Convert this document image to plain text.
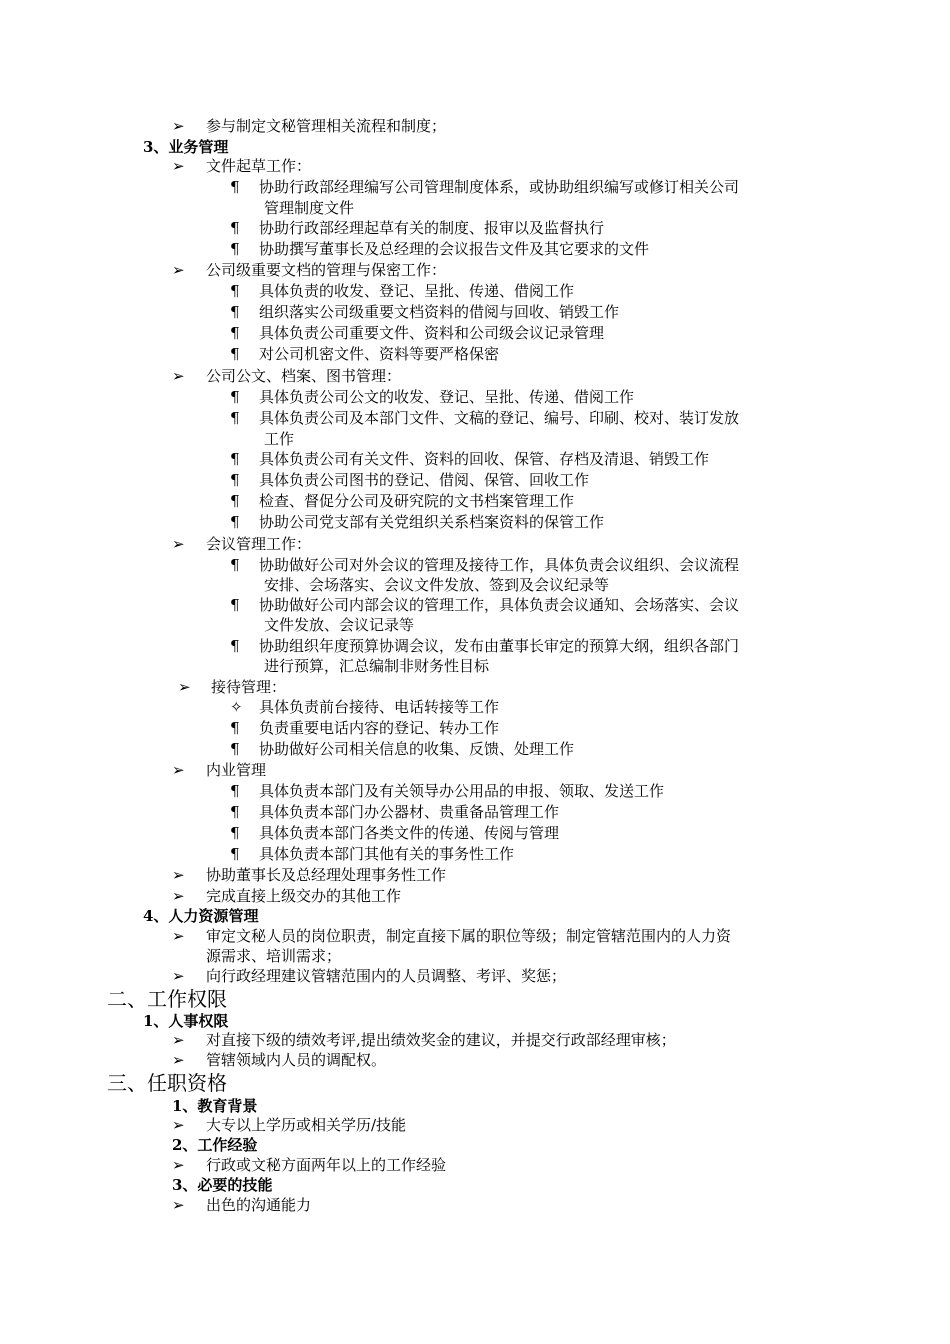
➢ 参与制定文秘管理相关流程和制度；
3、业务管理
➢ 文件起草工作：
¶ 协助行政部经理编写公司管理制度体系，或协助组织编写或修订相关公司
管理制度文件
¶ 协助行政部经理起草有关的制度、报审以及监督执行
¶ 协助撰写董事长及总经理的会议报告文件及其它要求的文件
➢ 公司级重要文档的管理与保密工作：
¶ 具体负责的收发、登记、呈批、传递、借阅工作
¶ 组织落实公司级重要文档资料的借阅与回收、销毁工作
¶ 具体负责公司重要文件、资料和公司级会议记录管理
¶ 对公司机密文件、资料等要严格保密
➢ 公司公文、档案、图书管理：
¶ 具体负责公司公文的收发、登记、呈批、传递、借阅工作
¶ 具体负责公司及本部门文件、文稿的登记、编号、印刷、校对、装订发放
工作
¶ 具体负责公司有关文件、资料的回收、保管、存档及清退、销毁工作
¶ 具体负责公司图书的登记、借阅、保管、回收工作
¶ 检查、督促分公司及研究院的文书档案管理工作
¶ 协助公司党支部有关党组织关系档案资料的保管工作
➢ 会议管理工作：
¶ 协助做好公司对外会议的管理及接待工作，具体负责会议组织、会议流程
安排、会场落实、会议文件发放、签到及会议纪录等
¶ 协助做好公司内部会议的管理工作，具体负责会议通知、会场落实、会议
文件发放、会议记录等
¶ 协助组织年度预算协调会议，发布由董事长审定的预算大纲，组织各部门
进行预算，汇总编制非财务性目标
➢ 接待管理：
✧ 具体负责前台接待、电话转接等工作
¶ 负责重要电话内容的登记、转办工作
¶ 协助做好公司相关信息的收集、反馈、处理工作
➢ 内业管理
¶ 具体负责本部门及有关领导办公用品的申报、领取、发送工作
¶ 具体负责本部门办公器材、贵重备品管理工作
¶ 具体负责本部门各类文件的传递、传阅与管理
¶ 具体负责本部门其他有关的事务性工作
➢ 协助董事长及总经理处理事务性工作
➢ 完成直接上级交办的其他工作
4、人力资源管理
➢ 审定文秘人员的岗位职责，制定直接下属的职位等级；制定管辖范围内的人力资
源需求、培训需求；
➢ 向行政经理建议管辖范围内的人员调整、考评、奖惩；
二、工作权限
1、人事权限
➢ 对直接下级的绩效考评,提出绩效奖金的建议，并提交行政部经理审核；
➢ 管辖领域内人员的调配权。
三、任职资格
1、教育背景
➢ 大专以上学历或相关学历/技能
2、工作经验
➢ 行政或文秘方面两年以上的工作经验
3、必要的技能
➢ 出色的沟通能力
